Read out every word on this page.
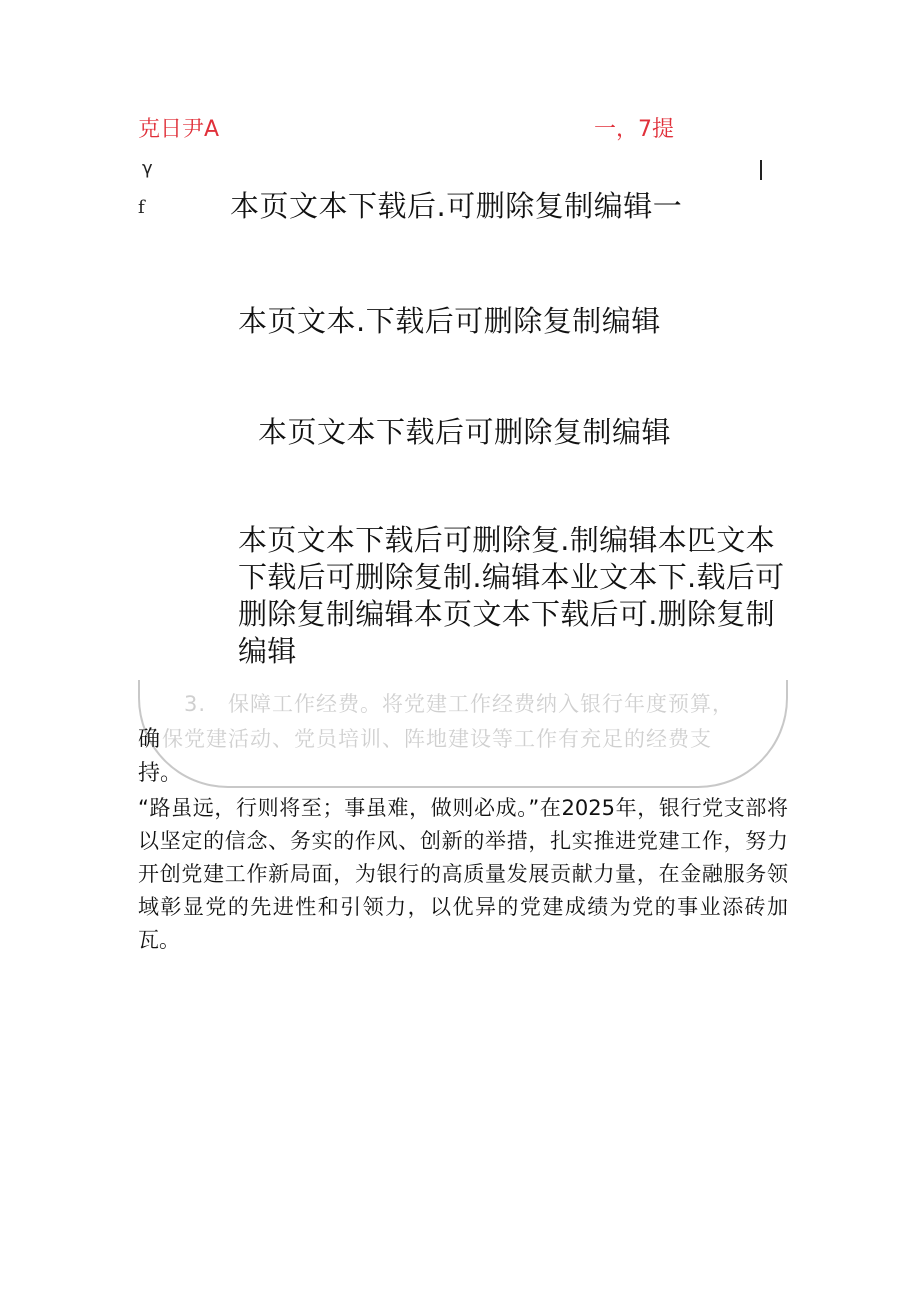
克日尹A	一，7提
γ
f	本页文本下载后.可删除复制编辑一
本页文本.下载后可删除复制编辑
本页文本下载后可删除复制编辑
本页文本下载后可删除复.制编辑本匹文本下载后可删除复制.编辑本业文本下.载后可删除复制编辑本页文本下载后可.删除复制编辑
3.　保障工作经费。将党建工作经费纳入银行年度预算，
确 保党建活动、党员培训、阵地建设等工作有充足的经费支
持。
“路虽远，行则将至；事虽难，做则必成。”在2025年，银行党支部将以坚定的信念、务实的作风、创新的举措，扎实推进党建工作，努力开创党建工作新局面，为银行的高质量发展贡献力量，在金融服务领域彰显党的先进性和引领力，以优异的党建成绩为党的事业添砖加瓦。
